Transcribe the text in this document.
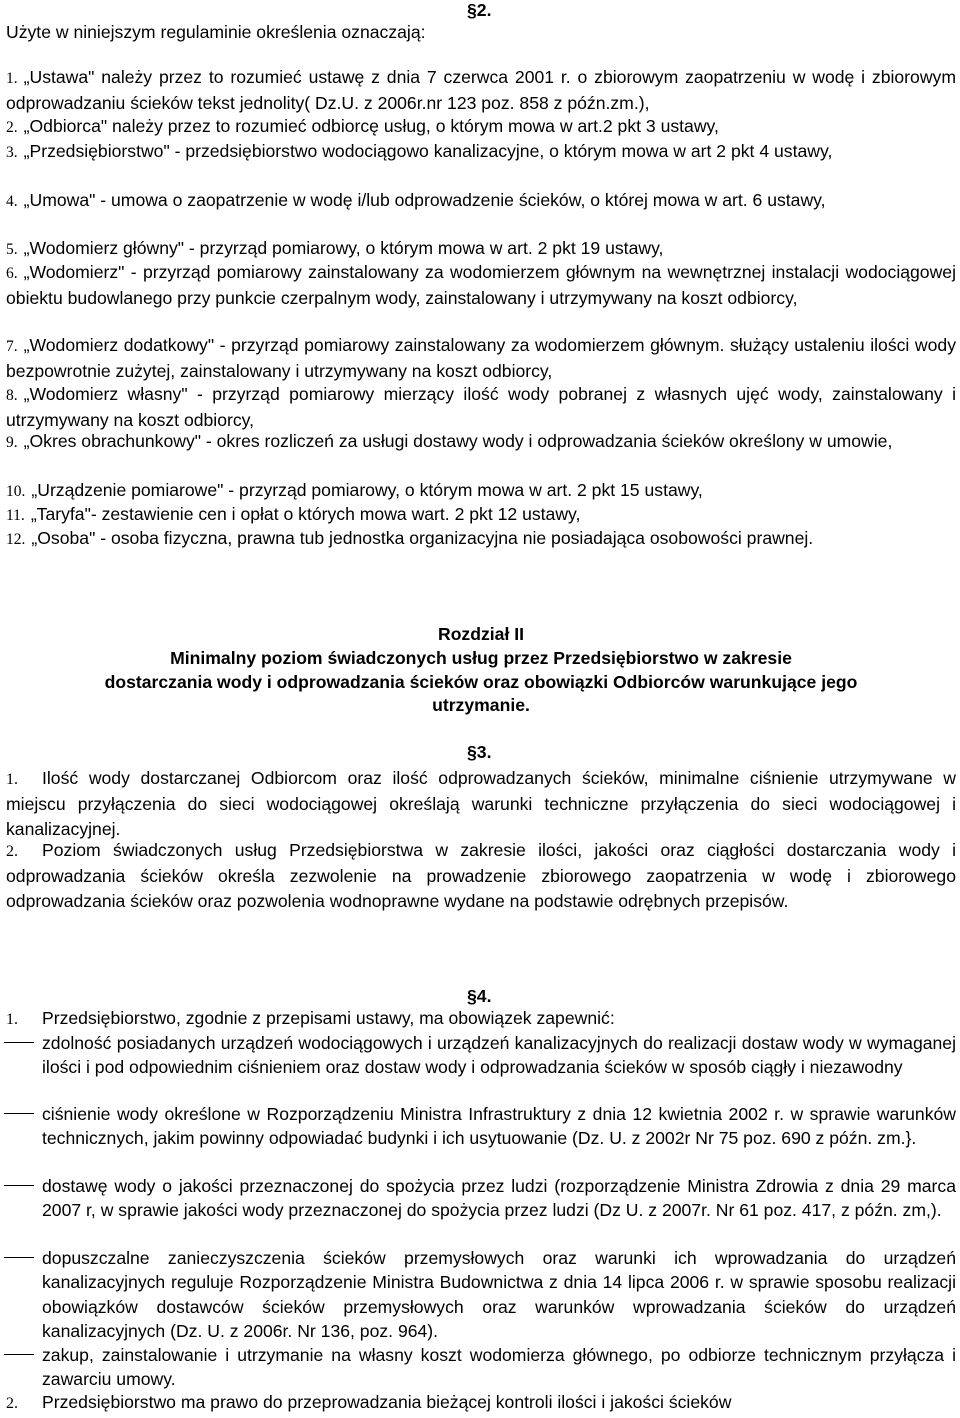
§2.
Użyte w niniejszym regulaminie określenia oznaczają:
1. „Ustawa" należy przez to rozumieć ustawę z dnia 7 czerwca 2001 r. o zbiorowym zaopatrzeniu w wodę i zbiorowym odprowadzaniu ścieków tekst jednolity( Dz.U. z 2006r.nr 123 poz. 858 z późn.zm.),
2. „Odbiorca" należy przez to rozumieć odbiorcę usług, o którym mowa w art.2 pkt 3 ustawy,
3. „Przedsiębiorstwo" - przedsiębiorstwo wodociągowo kanalizacyjne, o którym mowa w art 2 pkt 4 ustawy,
4. „Umowa" - umowa o zaopatrzenie w wodę i/lub odprowadzenie ścieków, o której mowa w art. 6 ustawy,
5. „Wodomierz główny" - przyrząd pomiarowy, o którym mowa w art. 2 pkt 19 ustawy,
6. „Wodomierz" - przyrząd pomiarowy zainstalowany za wodomierzem głównym na wewnętrznej instalacji wodociągowej obiektu budowlanego przy punkcie czerpalnym wody, zainstalowany i utrzymywany na koszt odbiorcy,
7. „Wodomierz dodatkowy" - przyrząd pomiarowy zainstalowany za wodomierzem głównym. służący ustaleniu ilości wody bezpowrotnie zużytej, zainstalowany i utrzymywany na koszt odbiorcy,
8. „Wodomierz własny" - przyrząd pomiarowy mierzący ilość wody pobranej z własnych ujęć wody, zainstalowany i utrzymywany na koszt odbiorcy,
9. „Okres obrachunkowy" - okres rozliczeń za usługi dostawy wody i odprowadzania ścieków określony w umowie,
10. „Urządzenie pomiarowe" - przyrząd pomiarowy, o którym mowa w art. 2 pkt 15 ustawy,
11. „Taryfa"- zestawienie cen i opłat o których mowa wart. 2 pkt 12 ustawy,
12. „Osoba" - osoba fizyczna, prawna tub jednostka organizacyjna nie posiadająca osobowości prawnej.
Rozdział II
Minimalny poziom świadczonych usług przez Przedsiębiorstwo w zakresie
dostarczania wody i odprowadzania ścieków oraz obowiązki Odbiorców warunkujące jego
utrzymanie.
§3.
1. Ilość wody dostarczanej Odbiorcom oraz ilość odprowadzanych ścieków, minimalne ciśnienie utrzymywane w miejscu przyłączenia do sieci wodociągowej określają warunki techniczne przyłączenia do sieci wodociągowej i kanalizacyjnej.
2. Poziom świadczonych usług Przedsiębiorstwa w zakresie ilości, jakości oraz ciągłości dostarczania wody i odprowadzania ścieków określa zezwolenie na prowadzenie zbiorowego zaopatrzenia w wodę i zbiorowego odprowadzania ścieków oraz pozwolenia wodnoprawne wydane na podstawie odrębnych przepisów.
§4.
1. Przedsiębiorstwo, zgodnie z przepisami ustawy, ma obowiązek zapewnić:
zdolność posiadanych urządzeń wodociągowych i urządzeń kanalizacyjnych do realizacji dostaw wody w wymaganej ilości i pod odpowiednim ciśnieniem oraz dostaw wody i odprowadzania ścieków w sposób ciągły i niezawodny
ciśnienie wody określone w Rozporządzeniu Ministra Infrastruktury z dnia 12 kwietnia 2002 r. w sprawie warunków technicznych, jakim powinny odpowiadać budynki i ich usytuowanie (Dz. U. z 2002r Nr 75 poz. 690 z późn. zm.}.
dostawę wody o jakości przeznaczonej do spożycia przez ludzi (rozporządzenie Ministra Zdrowia z dnia 29 marca 2007 r, w sprawie jakości wody przeznaczonej do spożycia przez ludzi (Dz U. z 2007r. Nr 61 poz. 417, z późn. zm,).
dopuszczalne zanieczyszczenia ścieków przemysłowych oraz warunki ich wprowadzania do urządzeń kanalizacyjnych reguluje Rozporządzenie Ministra Budownictwa z dnia 14 lipca 2006 r. w sprawie sposobu realizacji obowiązków dostawców ścieków przemysłowych oraz warunków wprowadzania ścieków do urządzeń kanalizacyjnych (Dz. U. z 2006r. Nr 136, poz. 964).
zakup, zainstalowanie i utrzymanie na własny koszt wodomierza głównego, po odbiorze technicznym przyłącza i zawarciu umowy.
2. Przedsiębiorstwo ma prawo do przeprowadzania bieżącej kontroli ilości i jakości ścieków
